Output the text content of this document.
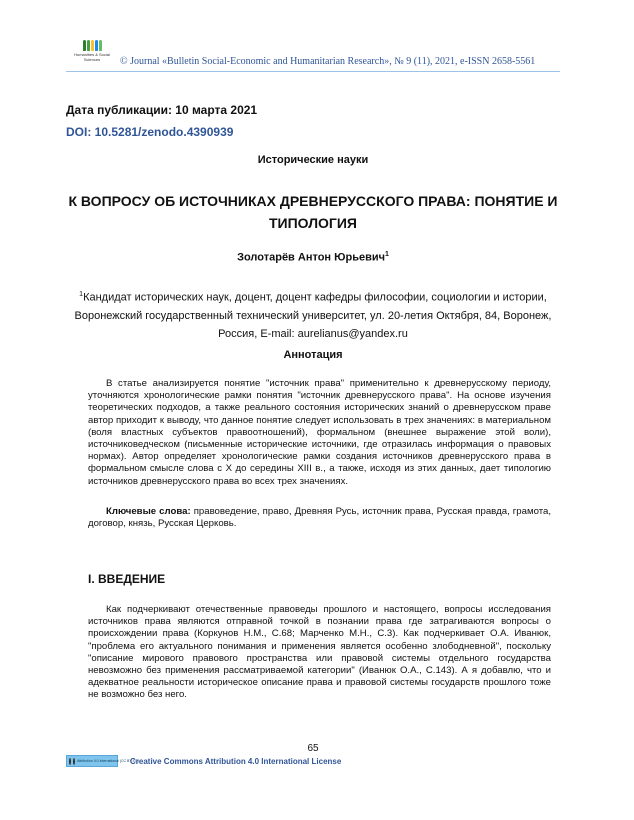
Humanities & Social Sciences	© Journal «Bulletin Social-Economic and Humanitarian Research», № 9 (11), 2021, e-ISSN 2658-5561
Дата публикации: 10 марта 2021
DOI: 10.5281/zenodo.4390939
Исторические науки
К ВОПРОСУ ОБ ИСТОЧНИКАХ ДРЕВНЕРУССКОГО ПРАВА: ПОНЯТИЕ И ТИПОЛОГИЯ
Золотарёв Антон Юрьевич$^1$
$^1$Кандидат исторических наук, доцент, доцент кафедры философии, социологии и истории, Воронежский государственный технический университет, ул. 20-летия Октября, 84, Воронеж, Россия, E-mail: aurelianus@yandex.ru
Аннотация

В статье анализируется понятие "источник права" применительно к древнерусскому периоду, уточняются хронологические рамки понятия "источник древнерусского права". На основе изучения теоретических подходов, а также реального состояния исторических знаний о древнерусском праве автор приходит к выводу, что данное понятие следует использовать в трех значениях: в материальном (воля властных субъектов правоотношений), формальном (внешнее выражение этой воли), источниковедческом (письменные исторические источники, где отразилась информация о правовых нормах). Автор определяет хронологические рамки создания источников древнерусского права в формальном смысле слова с X до середины XIII в., а также, исходя из этих данных, дает типологию источников древнерусского права во всех трех значениях.

Ключевые слова: правоведение, право, Древняя Русь, источник права, Русская правда, грамота, договор, князь, Русская Церковь.

I. ВВЕДЕНИЕ

Как подчеркивают отечественные правоведы прошлого и настоящего, вопросы исследования источников права являются отправной точкой в познании права где затрагиваются вопросы о происхождении права (Коркунов Н.М., С.68; Марченко М.Н., С.3). Как подчеркивает О.А. Иванюк, "проблема его актуального понимания и применения является особенно злободневной", поскольку "описание мирового правового пространства или правовой системы отдельного государства невозможно без применения рассматриваемой категории" (Иванюк О.А., С.143). А я добавлю, что и адекватное реальности историческое описание права и правовой системы государств прошлого тоже не возможно без него.

65
Attribution 4.0 International (CC BY 4.0)
Creative Commons Attribution 4.0 International License
